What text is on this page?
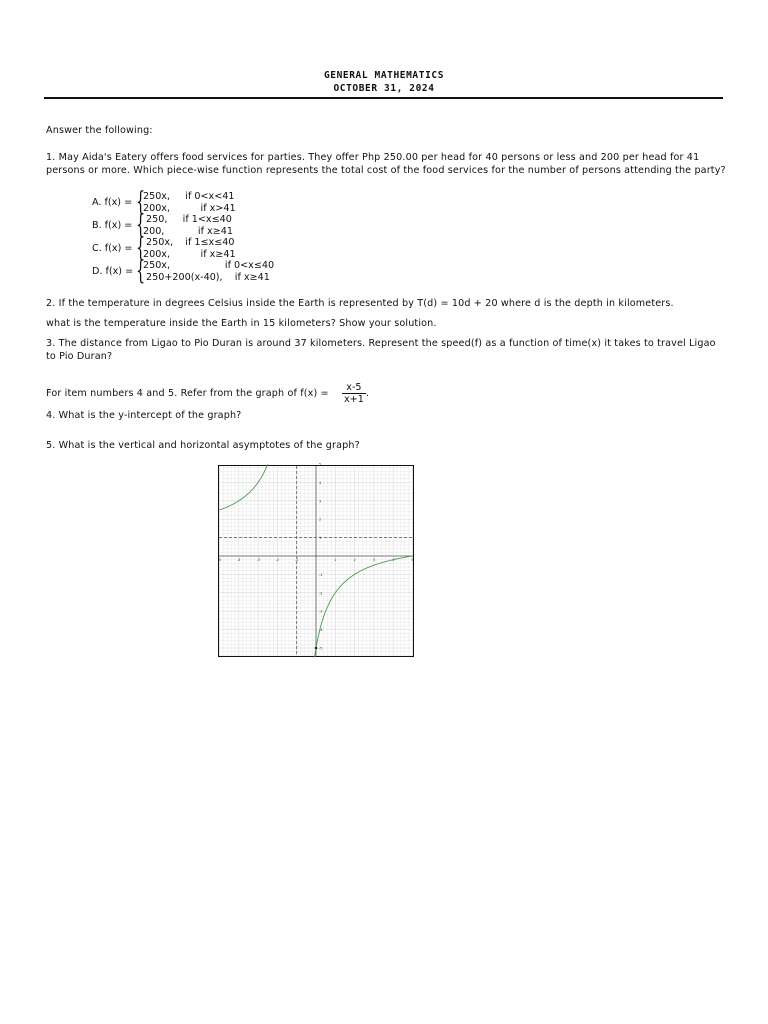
GENERAL MATHEMATICS
OCTOBER 31, 2024
Answer the following:
1. May Aida's Eatery offers food services for parties. They offer Php 250.00 per head for 40 persons or less and 200 per head for 41 persons or more. Which piece-wise function represents the total cost of the food services for the number of persons attending the party?
A. f(x) = {
250x,     if 0<x<41
200x,          if x>41
B. f(x) = {
250,     if 1<x≤40
200,           if x≥41
C. f(x) = {
250x,    if 1≤x≤40
200x,          if x≥41
D. f(x) = {
250x,                  if 0<x≤40
250+200(x-40),    if x≥41
2. If the temperature in degrees Celsius inside the Earth is represented by T(d) = 10d + 20 where d is the depth in kilometers.
what is the temperature inside the Earth in 15 kilometers? Show your solution.
3. The distance from Ligao to Pio Duran is around 37 kilometers. Represent the speed(f) as a function of time(x) it takes to travel Ligao to Pio Duran?
For item numbers 4 and 5. Refer from the graph of $f(x) = \frac{x-5}{x+1}$ .
4. What is the y-intercept of the graph?
5. What is the vertical and horizontal asymptotes of the graph?
-5	-4	-3	-2	-1	1	2	3	4	5
5
4
3
2
1
-1
-2
-3
-4
-5
